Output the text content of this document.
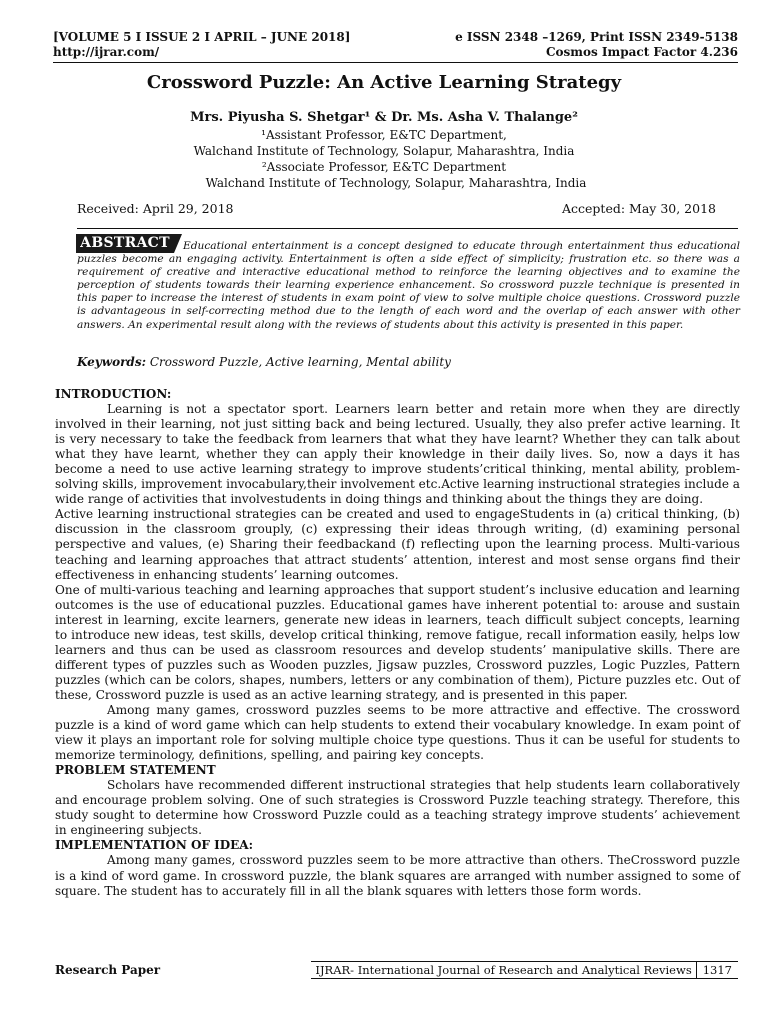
[VOLUME 5 I ISSUE 2 I APRIL – JUNE 2018]
http://ijrar.com/
e ISSN 2348 –1269, Print ISSN 2349-5138
Cosmos Impact Factor 4.236
Crossword Puzzle: An Active Learning Strategy
Mrs. Piyusha S. Shetgar¹ & Dr. Ms. Asha V. Thalange²
¹Assistant Professor, E&TC Department,
Walchand Institute of Technology, Solapur, Maharashtra, India
²Associate Professor, E&TC Department
Walchand Institute of Technology, Solapur, Maharashtra, India
Received: April 29, 2018	Accepted: May 30, 2018
ABSTRACT	Educational entertainment is a concept designed to educate through entertainment thus educational puzzles become an engaging activity. Entertainment is often a side effect of simplicity; frustration etc. so there was a requirement of creative and interactive educational method to reinforce the learning objectives and to examine the perception of students towards their learning experience enhancement. So crossword puzzle technique is presented in this paper to increase the interest of students in exam point of view to solve multiple choice questions. Crossword puzzle is advantageous in self-correcting method due to the length of each word and the overlap of each answer with other answers. An experimental result along with the reviews of students about this activity is presented in this paper.

Keywords: Crossword Puzzle, Active learning, Mental ability
INTRODUCTION:

Learning is not a spectator sport. Learners learn better and retain more when they are directly involved in their learning, not just sitting back and being lectured. Usually, they also prefer active learning. It is very necessary to take the feedback from learners that what they have learnt? Whether they can talk about what they have learnt, whether they can apply their knowledge in their daily lives. So, now a days it has become a need to use active learning strategy to improve students’critical thinking, mental ability, problem-solving skills, improvement invocabulary,their involvement etc.Active learning instructional strategies include a wide range of activities that involvestudents in doing things and thinking about the things they are doing.

Active learning instructional strategies can be created and used to engageStudents in (a) critical thinking, (b) discussion in the classroom grouply, (c) expressing their ideas through writing, (d) examining personal perspective and values, (e) Sharing their feedbackand (f) reflecting upon the learning process. Multi-various teaching and learning approaches that attract students’ attention, interest and most sense organs find their effectiveness in enhancing students’ learning outcomes.

One of multi-various teaching and learning approaches that support student’s inclusive education and learning outcomes is the use of educational puzzles. Educational games have inherent potential to: arouse and sustain interest in learning, excite learners, generate new ideas in learners, teach difficult subject concepts, learning to introduce new ideas, test skills, develop critical thinking, remove fatigue, recall information easily, helps low learners and thus can be used as classroom resources and develop students’ manipulative skills. There are different types of puzzles such as Wooden puzzles, Jigsaw puzzles, Crossword puzzles, Logic Puzzles, Pattern puzzles (which can be colors, shapes, numbers, letters or any combination of them), Picture puzzles etc. Out of these, Crossword puzzle is used as an active learning strategy, and is presented in this paper.

Among many games, crossword puzzles seems to be more attractive and effective. The crossword puzzle is a kind of word game which can help students to extend their vocabulary knowledge. In exam point of view it plays an important role for solving multiple choice type questions. Thus it can be useful for students to memorize terminology, definitions, spelling, and pairing key concepts.

PROBLEM STATEMENT

Scholars have recommended different instructional strategies that help students learn collaboratively and encourage problem solving. One of such strategies is Crossword Puzzle teaching strategy. Therefore, this study sought to determine how Crossword Puzzle could as a teaching strategy improve students’ achievement in engineering subjects.

IMPLEMENTATION OF IDEA:

Among many games, crossword puzzles seem to be more attractive than others. TheCrossword puzzle is a kind of word game. In crossword puzzle, the blank squares are arranged with number assigned to some of square. The student has to accurately fill in all the blank squares with letters those form words.

Research Paper	IJRAR- International Journal of Research and Analytical Reviews 1317
